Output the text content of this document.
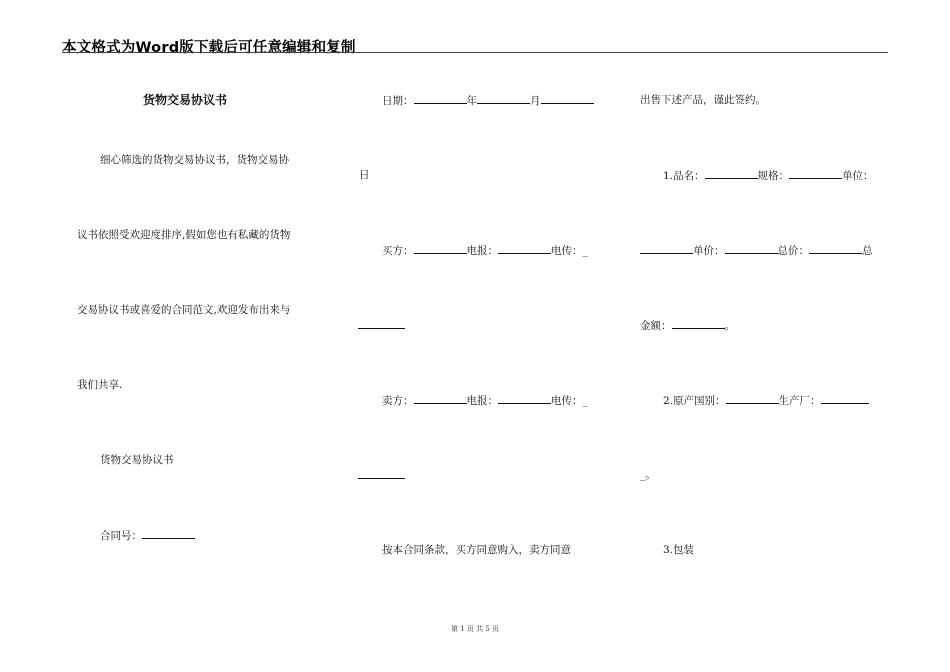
本文格式为Word版下载后可任意编辑和复制
货物交易协议书
细心筛选的货物交易协议书，货物交易协
议书依照受欢迎度排序,假如您也有私藏的货物
交易协议书或喜爱的合同范文,欢迎发布出来与
我们共享.
货物交易协议书
合同号：
日期：	年	月
日
买方：	电报：	电传：_
卖方：	电报：	电传：_
按本合同条款，买方同意购入，卖方同意
出售下述产品，谨此签约。
1.品名：	规格：	单位：
单价：	总价：	总
金额：	。
2.原产国别：	生产厂：
_。
3.包装
第 1 页 共 5 页
